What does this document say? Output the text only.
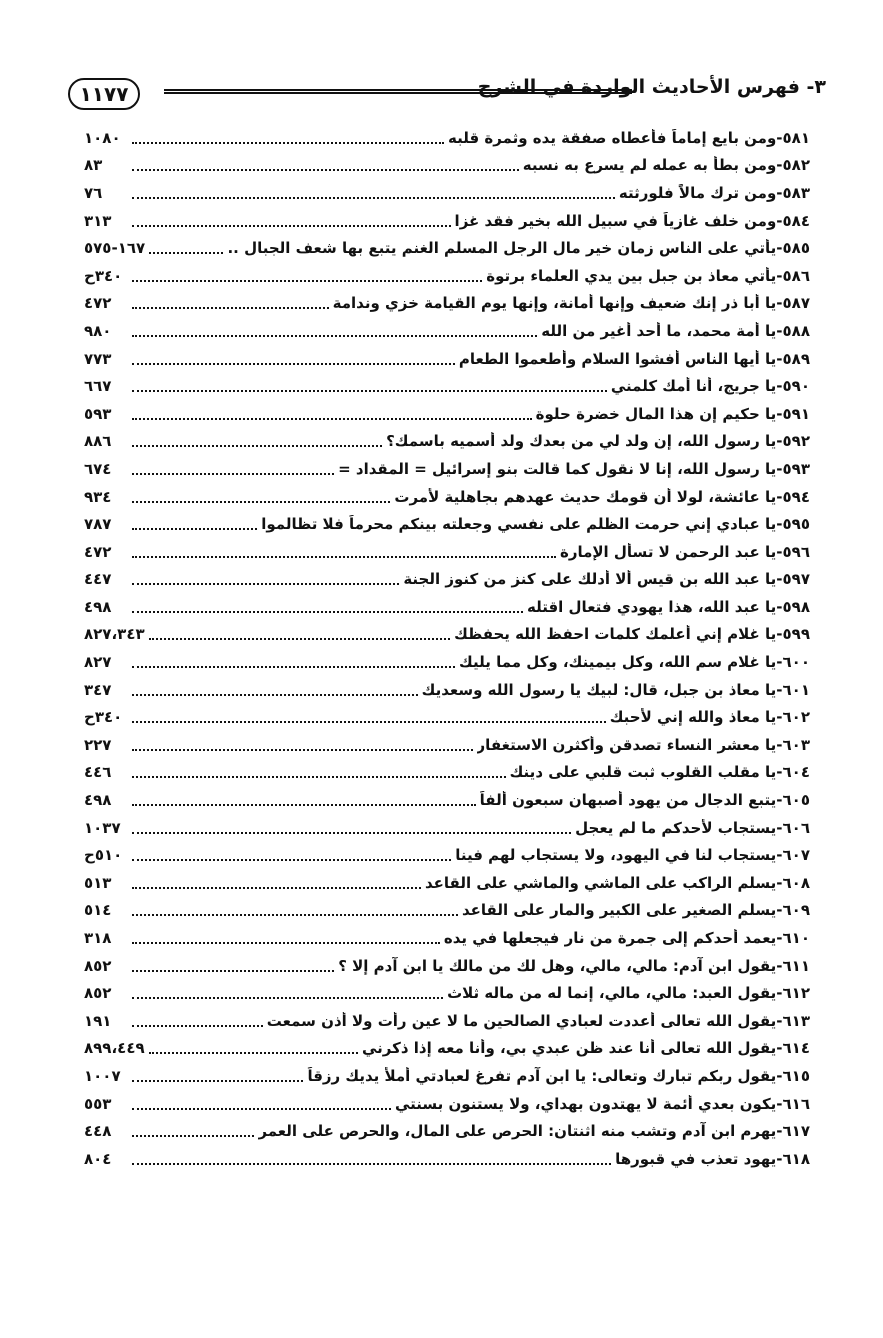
١١٧٧	٣- فهرس الأحاديث الواردة في الشرح
٥٨١-
ومن بايع إماماً فأعطاه صفقة يده وثمرة قلبه
١٠٨٠
٥٨٢-
ومن بطأ به عمله لم يسرع به نسبه
٨٣
٥٨٣-
ومن ترك مالاً فلورثته
٧٦
٥٨٤-
ومن خلف غازياً في سبيل الله بخير فقد غزا
٣١٣
٥٨٥-
يأتي على الناس زمان خير مال الرجل المسلم الغنم يتبع بها شعف الجبال ..
١٦٧-٥٧٥
٥٨٦-
يأتي معاذ بن جبل بين يدي العلماء برتوة
٣٤٠ح
٥٨٧-
يا أبا ذر إنك ضعيف وإنها أمانة، وإنها يوم القيامة خزي وندامة
٤٧٢
٥٨٨-
يا أمة محمد، ما أحد أغير من الله
٩٨٠
٥٨٩-
يا أيها الناس أفشوا السلام وأطعموا الطعام
٧٧٣
٥٩٠-
يا جريج، أنا أمك كلمني
٦٦٧
٥٩١-
يا حكيم إن هذا المال خضرة حلوة
٥٩٣
٥٩٢-
يا رسول الله، إن ولد لي من بعدك ولد أسميه باسمك؟
٨٨٦
٥٩٣-
يا رسول الله، إنا لا نقول كما قالت بنو إسرائيل = المقداد =
٦٧٤
٥٩٤-
يا عائشة، لولا أن قومك حديث عهدهم بجاهلية لأمرت
٩٣٤
٥٩٥-
يا عبادي إني حرمت الظلم على نفسي وجعلته بينكم محرماً فلا تظالموا
٧٨٧
٥٩٦-
يا عبد الرحمن لا تسأل الإمارة
٤٧٢
٥٩٧-
يا عبد الله بن قيس ألا أدلك على كنز من كنوز الجنة
٤٤٧
٥٩٨-
يا عبد الله، هذا يهودي فتعال اقتله
٤٩٨
٥٩٩-
يا غلام إني أعلمك كلمات احفظ الله يحفظك
٨٢٧،٣٤٣
٦٠٠-
يا غلام سم الله، وكل بيمينك، وكل مما يليك
٨٢٧
٦٠١-
يا معاذ بن جبل، قال: لبيك يا رسول الله وسعديك
٣٤٧
٦٠٢-
يا معاذ والله إني لأحبك
٣٤٠ح
٦٠٣-
يا معشر النساء تصدقن وأكثرن الاستغفار
٢٢٧
٦٠٤-
يا مقلب القلوب ثبت قلبي على دينك
٤٤٦
٦٠٥-
يتبع الدجال من يهود أصبهان سبعون ألفاً
٤٩٨
٦٠٦-
يستجاب لأحدكم ما لم يعجل
١٠٣٧
٦٠٧-
يستجاب لنا في اليهود، ولا يستجاب لهم فينا
٥١٠ح
٦٠٨-
يسلم الراكب على الماشي والماشي على القاعد
٥١٣
٦٠٩-
يسلم الصغير على الكبير والمار على القاعد
٥١٤
٦١٠-
يعمد أحدكم إلى جمرة من نار فيجعلها في يده
٣١٨
٦١١-
يقول ابن آدم: مالي، مالي، وهل لك من مالك يا ابن آدم إلا ؟
٨٥٢
٦١٢-
يقول العبد: مالي، مالي، إنما له من ماله ثلاث
٨٥٢
٦١٣-
يقول الله تعالى أعددت لعبادي الصالحين ما لا عين رأت ولا أذن سمعت
١٩١
٦١٤-
يقول الله تعالى أنا عند ظن عبدي بي، وأنا معه إذا ذكرني
٨٩٩،٤٤٩
٦١٥-
يقول ربكم تبارك وتعالى: يا ابن آدم تفرغ لعبادتي أملأ يديك رزقاً
١٠٠٧
٦١٦-
يكون بعدي أئمة لا يهتدون بهداي، ولا يستنون بسنتي
٥٥٣
٦١٧-
يهرم ابن آدم وتشب منه اثنتان: الحرص على المال، والحرص على العمر
٤٤٨
٦١٨-
يهود تعذب في قبورها
٨٠٤
